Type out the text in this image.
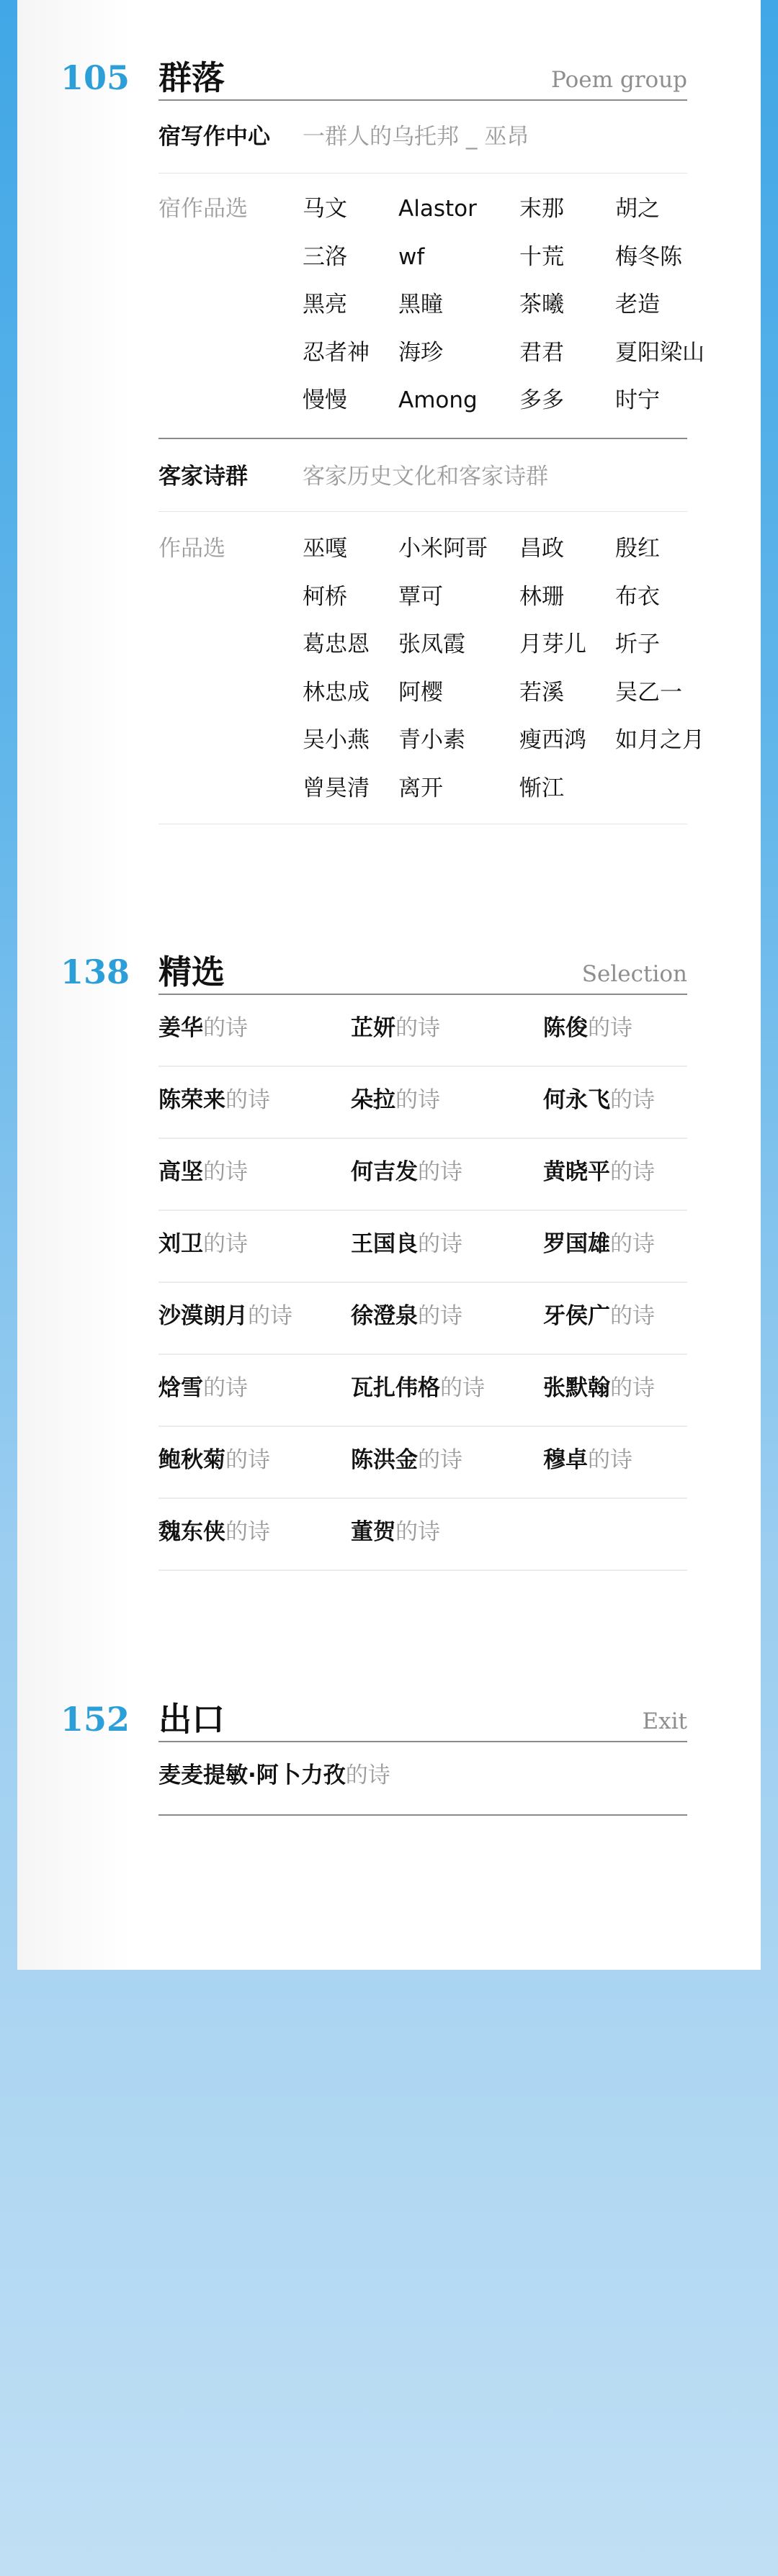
105 群落	Poem group
宿写作中心 一群人的乌托邦 _ 巫昂
宿作品选 马文	Alastor	末那	胡之
三洛	wf	十荒	梅冬陈
黑亮	黑瞳	茶曦	老造
忍者神	海珍	君君	夏阳梁山
慢慢	Among	多多	时宁
客家诗群 客家历史文化和客家诗群
作品选	巫嘎	小米阿哥	昌政	殷红
柯桥	覃可	林珊	布衣
葛忠恩	张凤霞	月芽儿	圻子
林忠成	阿樱	若溪	吴乙一
吴小燕	青小素	瘦西鸿	如月之月
曾昊清	离开	惭江
138 精选	Selection
姜华的诗	芷妍的诗	陈俊的诗
陈荣来的诗	朵拉的诗	何永飞的诗
高坚的诗	何吉发的诗	黄晓平的诗
刘卫的诗	王国良的诗	罗国雄的诗
沙漠朗月的诗	徐澄泉的诗	牙侯广的诗
焓雪的诗	瓦扎伟格的诗	张默翰的诗
鲍秋菊的诗	陈洪金的诗	穆卓的诗
魏东侠的诗	董贺的诗
152 出口	Exit
麦麦提敏·阿卜力孜的诗
